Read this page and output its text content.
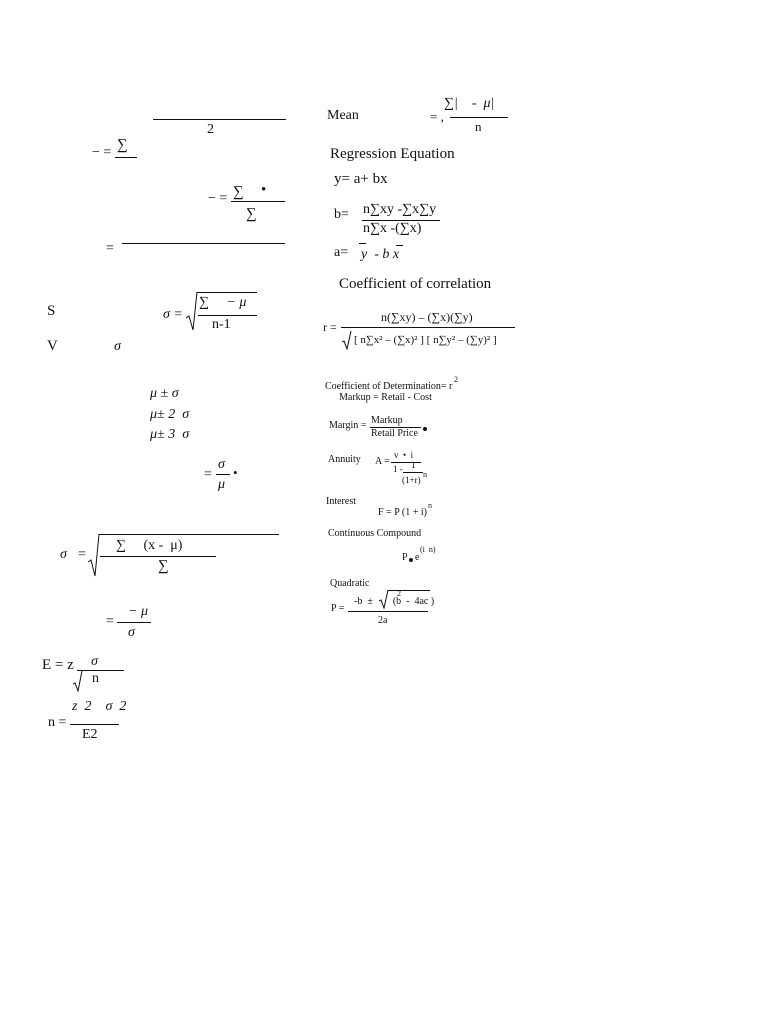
2
− = ∑
− = ∑ •
∑
=
S	σ =
∑     − μ
n-1
V	σ
μ ± σ
μ± 2  σ
μ± 3  σ
=
σ
μ
•
σ =
∑     (x -  μ)
∑
=
− μ
σ
E = z σ
n
n =
z  2    σ  2
E2
Mean	= ,
∑|    -  μ|
n
Regression Equation
y= a+ bx
b= n∑xy -∑x∑y
n∑x -(∑x)
a= y  - b x
Coefficient of correlation
r =
n(∑xy) – (∑x)(∑y)
[ n∑x² – (∑x)² ] [ n∑y² – (∑y)² ]
Coefficient of Determination= r
2
Markup = Retail - Cost
Margin = Markup
Retail Price
Annuity A =
v  •  i
1 - 1
(1+r)
n
Interest
F = P (1 + i)
n
Continuous Compound
P e
(i  n)
Quadratic
P =
-b  ±        (b  -  4ac )
2
2a
